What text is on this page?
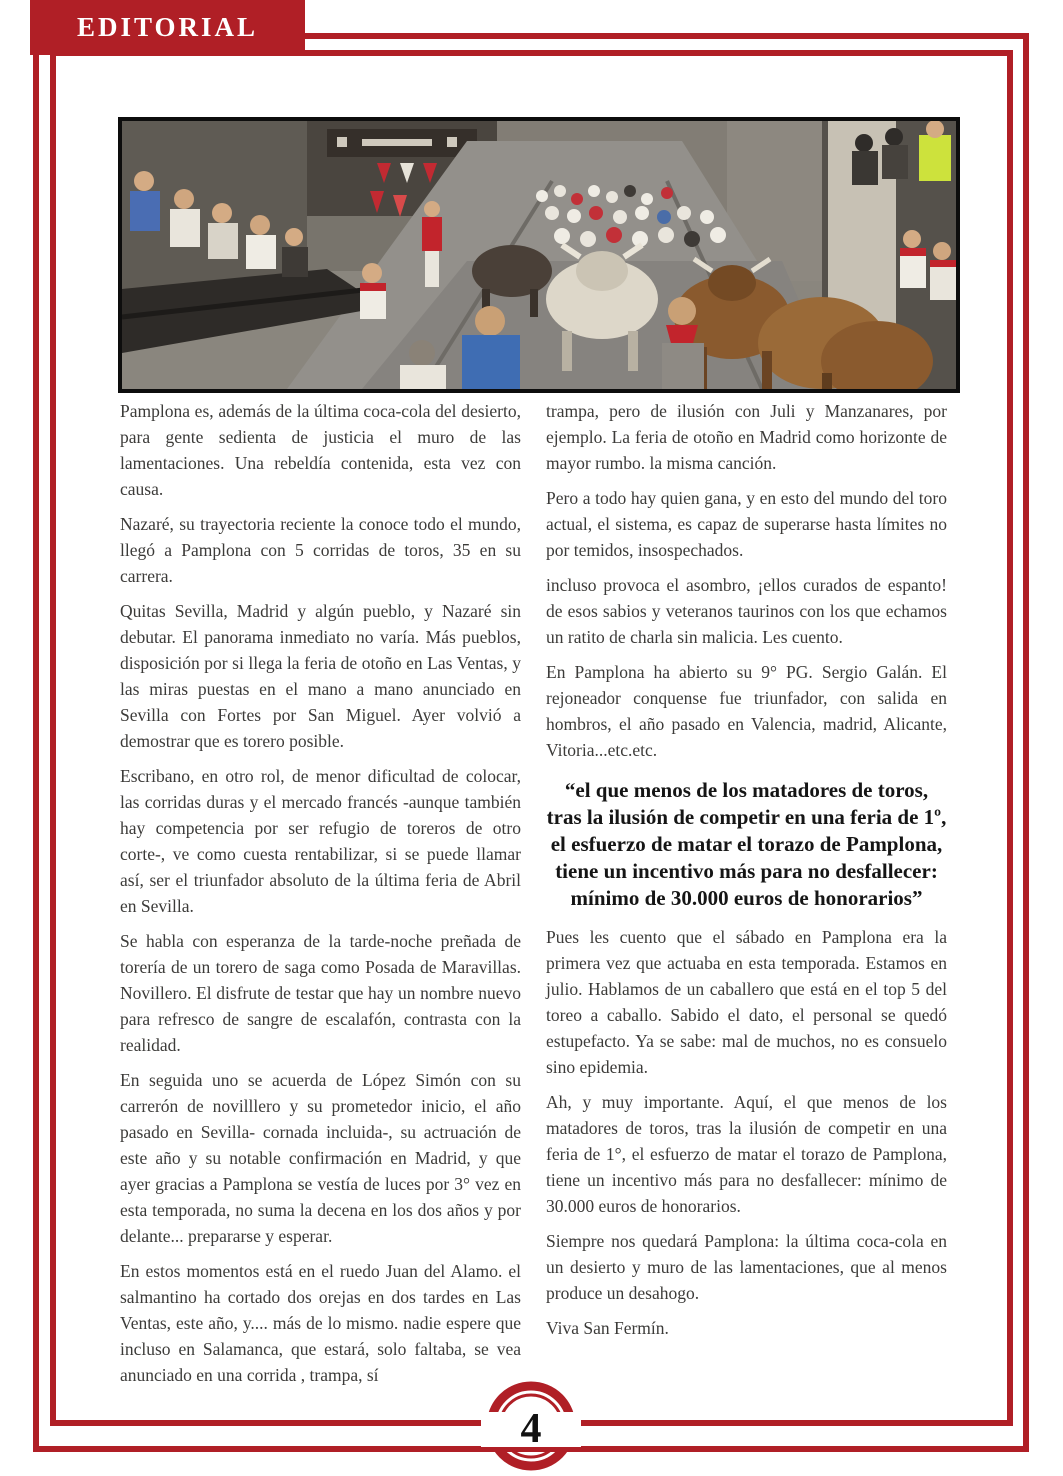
EDITORIAL

Pamplona es, además de la última coca-cola del desierto, para gente sedienta de justicia el muro de las lamentaciones. Una rebeldía contenida, esta vez con causa.

Nazaré, su trayectoria reciente la conoce todo el mundo, llegó a Pamplona con 5 corridas de toros, 35 en su carrera.

Quitas Sevilla, Madrid y algún pueblo, y Nazaré sin debutar. El panorama inmediato no varía. Más pueblos, disposición por si llega la feria de otoño en Las Ventas, y las miras puestas en el mano a mano anunciado en Sevilla con Fortes por San Miguel. Ayer volvió a demostrar que es torero posible.

Escribano, en otro rol, de menor dificultad de colocar, las corridas duras y el mercado francés -aunque también hay competencia por ser refugio de toreros de otro corte-, ve como cuesta rentabilizar, si se puede llamar así, ser el triunfador absoluto de la última feria de Abril en Sevilla.

Se habla con esperanza de la tarde-noche preñada de torería de un torero de saga como Posada de Maravillas. Novillero. El disfrute de testar que hay un nombre nuevo para refresco de sangre de escalafón, contrasta con la realidad.

En seguida uno se acuerda de López Simón con su carrerón de novilllero y su prometedor inicio, el año pasado en Sevilla- cornada incluida-, su actruación de este año y su notable confirmación en Madrid, y que ayer gracias a Pamplona se vestía de luces por 3° vez en esta temporada, no suma la decena en los dos años y por delante... prepararse y esperar.

En estos momentos está en el ruedo Juan del Alamo. el salmantino ha cortado dos orejas en dos tardes en Las Ventas, este año, y.... más de lo mismo. nadie espere que incluso en Salamanca, que estará, solo faltaba, se vea anunciado en una corrida , trampa, sí

trampa, pero de ilusión con Juli y Manzanares, por ejemplo. La feria de otoño en Madrid como horizonte de mayor rumbo. la misma canción.

Pero a todo hay quien gana, y en esto del mundo del toro actual, el sistema, es capaz de superarse hasta límites no por temidos, insospechados.

incluso provoca el asombro, ¡ellos curados de espanto! de esos sabios y veteranos taurinos con los que echamos un ratito de charla sin malicia. Les cuento.

En Pamplona ha abierto su 9° PG. Sergio Galán. El rejoneador conquense fue triunfador, con salida en hombros, el año pasado en Valencia, madrid, Alicante, Vitoria...etc.etc.

“el que menos de los matadores de toros, tras la ilusión de competir en una feria de 1º, el esfuerzo de matar el torazo de Pamplona, tiene un incentivo más para no desfallecer: mínimo de 30.000 euros de honorarios”

Pues les cuento que el sábado en Pamplona era la primera vez que actuaba en esta temporada. Estamos en julio. Hablamos de un caballero que está en el top 5 del toreo a caballo. Sabido el dato, el personal se quedó estupefacto. Ya se sabe: mal de muchos, no es consuelo sino epidemia.

Ah, y muy importante. Aquí, el que menos de los matadores de toros, tras la ilusión de competir en una feria de 1°, el esfuerzo de matar el torazo de Pamplona, tiene un incentivo más para no desfallecer: mínimo de 30.000 euros de honorarios.

Siempre nos quedará Pamplona: la última coca-cola en un desierto y muro de las lamentaciones, que al menos produce un desahogo.

Viva San Fermín.

4
